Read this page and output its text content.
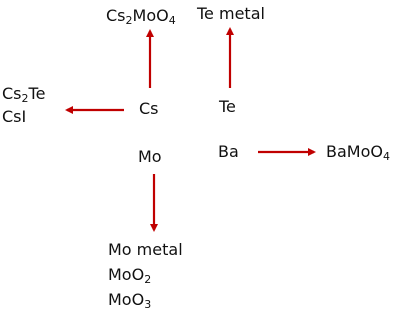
$Cs_2MoO_4$ Te metal
$Cs_2Te$
CsI	Cs	Te
Mo	Ba	BaMoO$_4$
Mo metal
MoO$_2$
MoO$_3$
